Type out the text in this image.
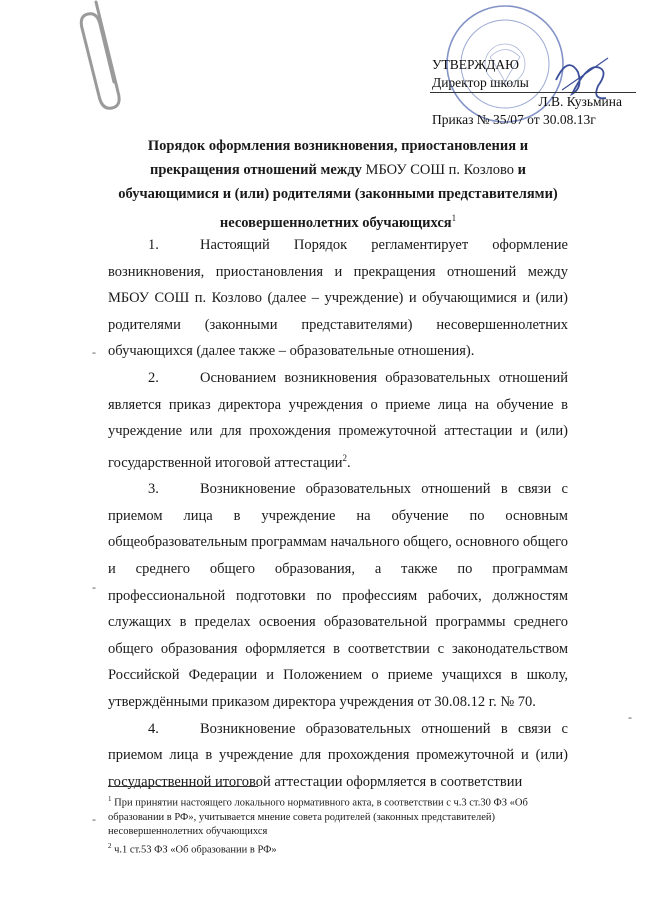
УТВЕРЖДАЮ
Директор школы
Л.В. Кузьмина
Приказ № 35/07 от 30.08.13г
Порядок оформления возникновения, приостановления и прекращения отношений между МБОУ СОШ п. Козлово и обучающимися и (или) родителями (законными представителями) несовершеннолетних обучающихся$^1$

1.	Настоящий Порядок регламентирует оформление возникновения, приостановления и прекращения отношений между МБОУ СОШ п. Козлово (далее – учреждение) и обучающимися и (или) родителями (законными представителями) несовершеннолетних обучающихся (далее также – образовательные отношения).

2.	Основанием возникновения образовательных отношений является приказ директора учреждения о приеме лица на обучение в учреждение или для прохождения промежуточной аттестации и (или) государственной итоговой аттестации$^2$.

3.	Возникновение образовательных отношений в связи с приемом лица в учреждение на обучение по основным общеобразовательным программам начального общего, основного общего и среднего общего образования, а также по программам профессиональной подготовки по профессиям рабочих, должностям служащих в пределах освоения образовательной программы среднего общего образования оформляется в соответствии с законодательством Российской Федерации и Положением о приеме учащихся в школу, утверждёнными приказом директора учреждения от 30.08.12 г. № 70.

4.	Возникновение образовательных отношений в связи с приемом лица в учреждение для прохождения промежуточной и (или) государственной итоговой аттестации оформляется в соответствии

$^1$ При принятии настоящего локального нормативного акта, в соответствии с ч.3 ст.30 ФЗ «Об образовании в РФ», учитывается мнение совета родителей (законных представителей) несовершеннолетних обучающихся

$^2$ ч.1 ст.53 ФЗ «Об образовании в РФ»

-
-
-
-
